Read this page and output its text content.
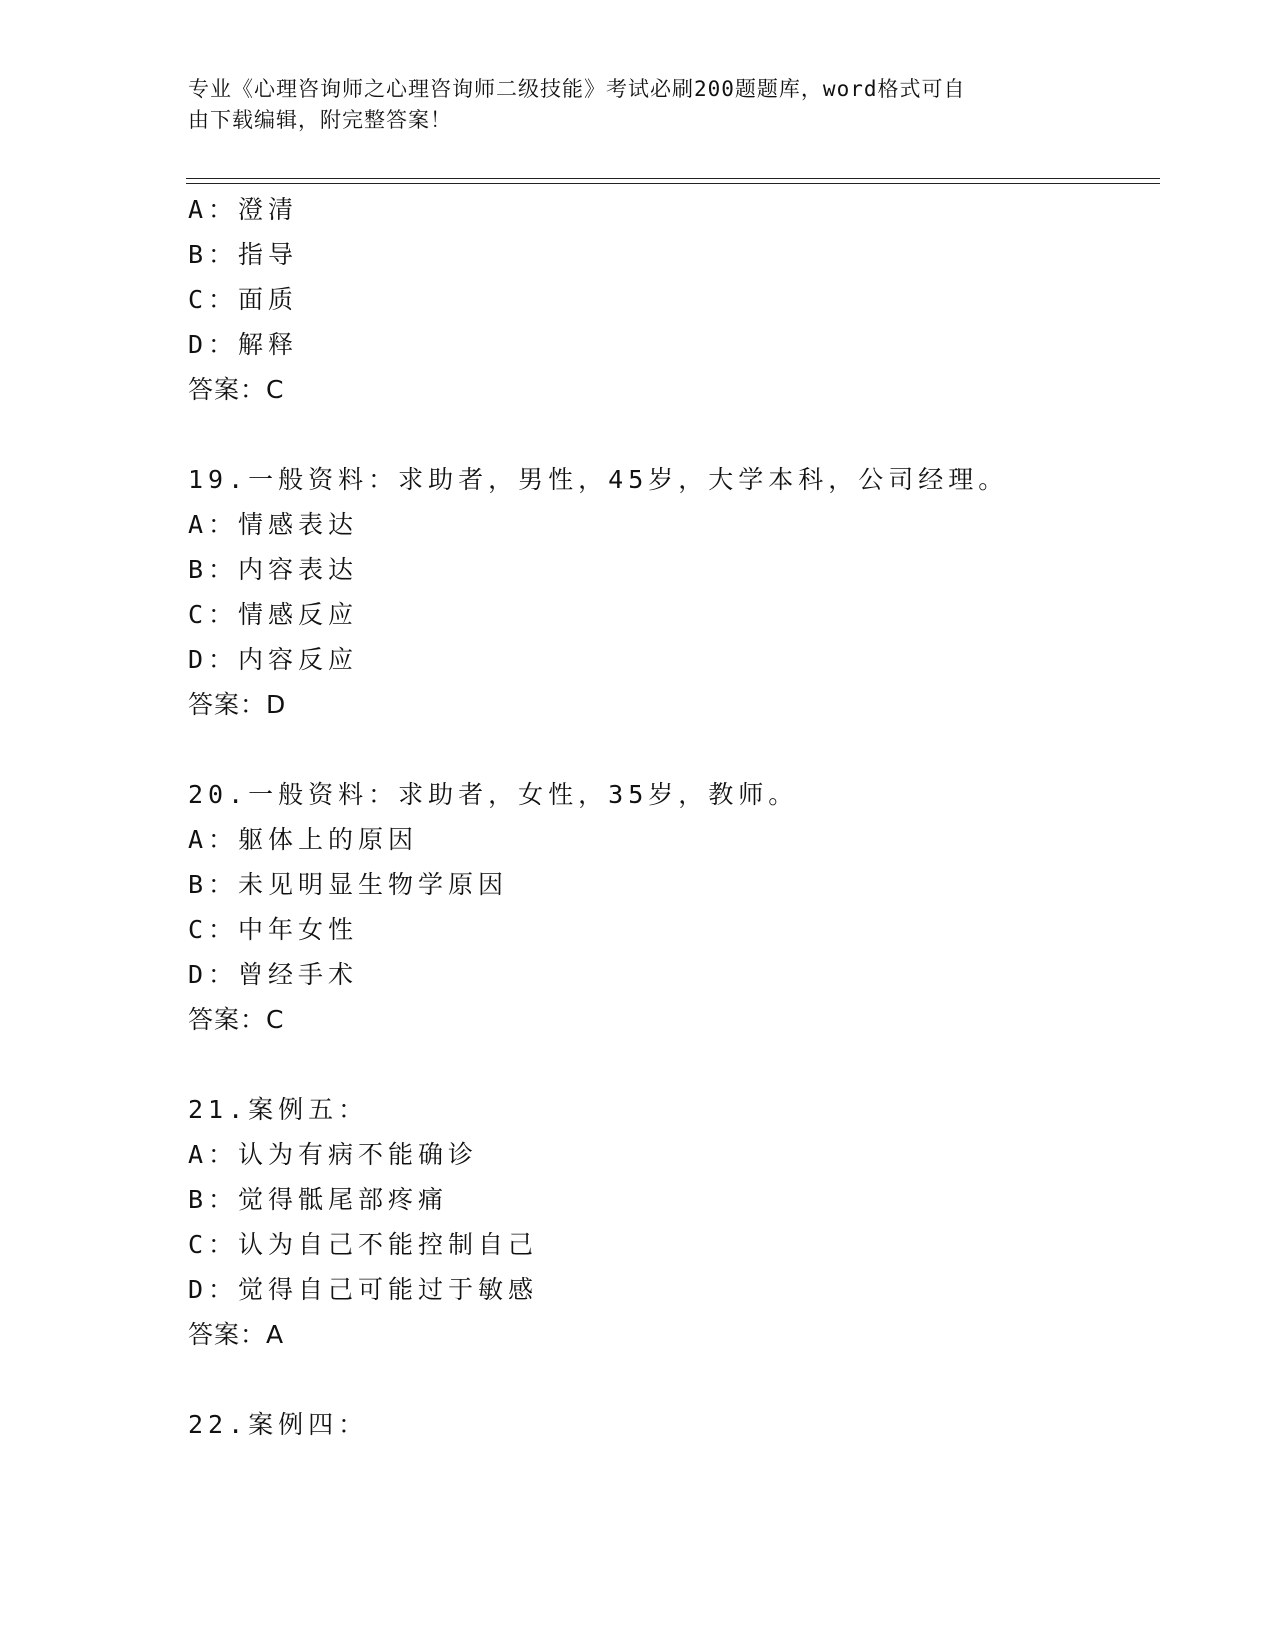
专业《心理咨询师之心理咨询师二级技能》考试必刷200题题库，word格式可自
由下载编辑，附完整答案！
A：澄清
B：指导
C：面质
D：解释
答案：C
19.一般资料：求助者，男性，45岁，大学本科，公司经理。
A：情感表达
B：内容表达
C：情感反应
D：内容反应
答案：D
20.一般资料：求助者，女性，35岁，教师。
A：躯体上的原因
B：未见明显生物学原因
C：中年女性
D：曾经手术
答案：C
21.案例五：
A：认为有病不能确诊
B：觉得骶尾部疼痛
C：认为自己不能控制自己
D：觉得自己可能过于敏感
答案：A
22.案例四：
